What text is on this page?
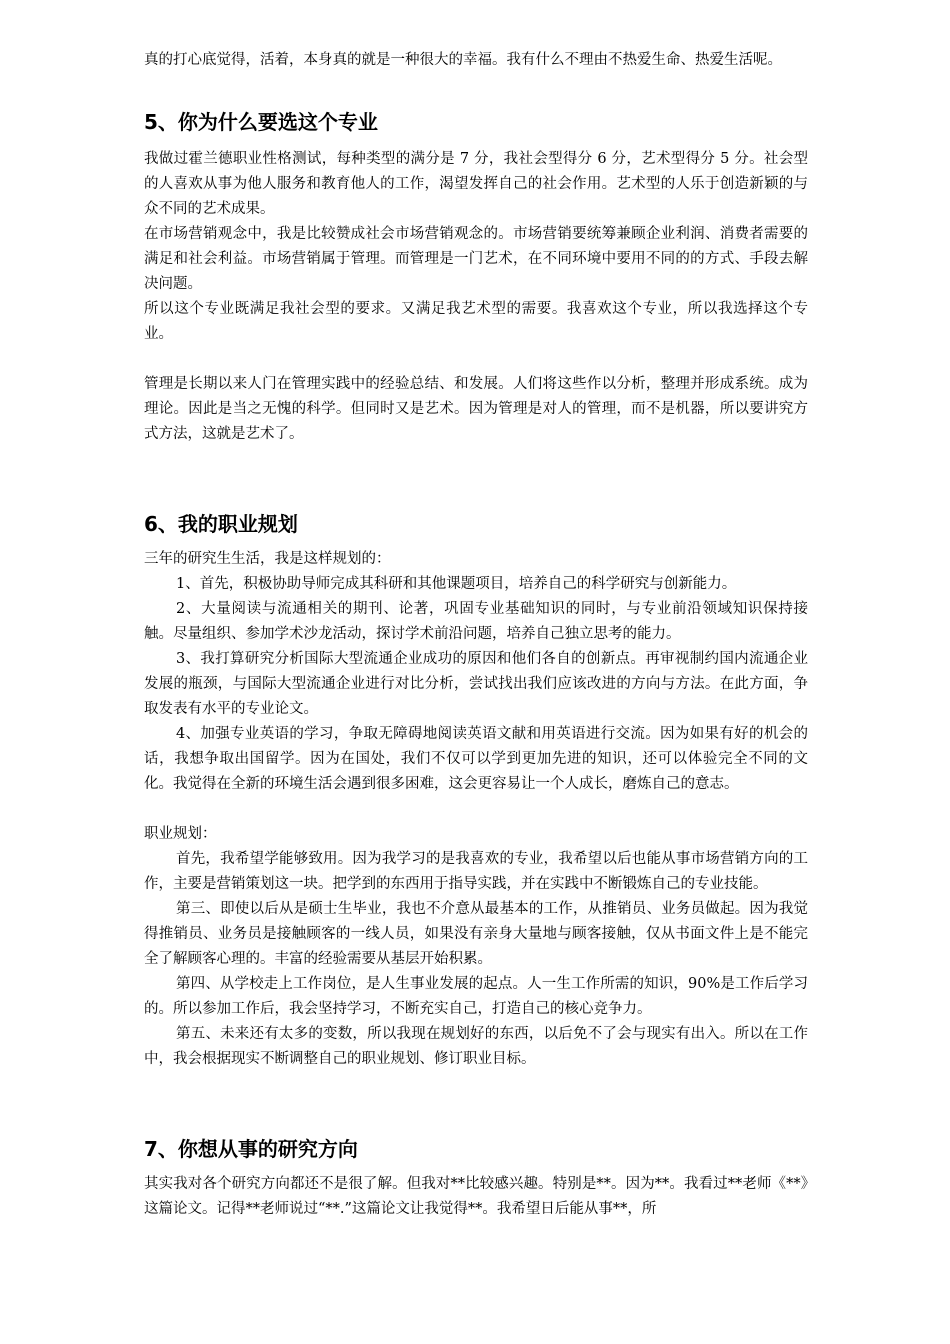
真的打心底觉得，活着，本身真的就是一种很大的幸福。我有什么不理由不热爱生命、热爱生活呢。

5、你为什么要选这个专业

我做过霍兰德职业性格测试，每种类型的满分是 7 分，我社会型得分 6 分，艺术型得分 5 分。社会型的人喜欢从事为他人服务和教育他人的工作，渴望发挥自己的社会作用。艺术型的人乐于创造新颖的与众不同的艺术成果。

在市场营销观念中，我是比较赞成社会市场营销观念的。市场营销要统筹兼顾企业利润、消费者需要的满足和社会利益。市场营销属于管理。而管理是一门艺术，在不同环境中要用不同的的方式、手段去解决问题。

所以这个专业既满足我社会型的要求。又满足我艺术型的需要。我喜欢这个专业，所以我选择这个专业。

管理是长期以来人门在管理实践中的经验总结、和发展。人们将这些作以分析，整理并形成系统。成为理论。因此是当之无愧的科学。但同时又是艺术。因为管理是对人的管理，而不是机器，所以要讲究方式方法，这就是艺术了。

6、我的职业规划

三年的研究生生活，我是这样规划的：

1、首先，积极协助导师完成其科研和其他课题项目，培养自己的科学研究与创新能力。

2、大量阅读与流通相关的期刊、论著，巩固专业基础知识的同时，与专业前沿领域知识保持接触。尽量组织、参加学术沙龙活动，探讨学术前沿问题，培养自己独立思考的能力。

3、我打算研究分析国际大型流通企业成功的原因和他们各自的创新点。再审视制约国内流通企业发展的瓶颈，与国际大型流通企业进行对比分析，尝试找出我们应该改进的方向与方法。在此方面，争取发表有水平的专业论文。

4、加强专业英语的学习，争取无障碍地阅读英语文献和用英语进行交流。因为如果有好的机会的话，我想争取出国留学。因为在国处，我们不仅可以学到更加先进的知识，还可以体验完全不同的文化。我觉得在全新的环境生活会遇到很多困难，这会更容易让一个人成长，磨炼自己的意志。

职业规划：

首先，我希望学能够致用。因为我学习的是我喜欢的专业，我希望以后也能从事市场营销方向的工作，主要是营销策划这一块。把学到的东西用于指导实践，并在实践中不断锻炼自己的专业技能。

第三、即使以后从是硕士生毕业，我也不介意从最基本的工作，从推销员、业务员做起。因为我觉得推销员、业务员是接触顾客的一线人员，如果没有亲身大量地与顾客接触，仅从书面文件上是不能完全了解顾客心理的。丰富的经验需要从基层开始积累。

第四、从学校走上工作岗位，是人生事业发展的起点。人一生工作所需的知识，90%是工作后学习的。所以参加工作后，我会坚持学习，不断充实自己，打造自己的核心竞争力。

第五、未来还有太多的变数，所以我现在规划好的东西，以后免不了会与现实有出入。所以在工作中，我会根据现实不断调整自己的职业规划、修订职业目标。

7、你想从事的研究方向

其实我对各个研究方向都还不是很了解。但我对**比较感兴趣。特别是**。因为**。我看过**老师《**》这篇论文。记得**老师说过“**.”这篇论文让我觉得**。我希望日后能从事**，所
